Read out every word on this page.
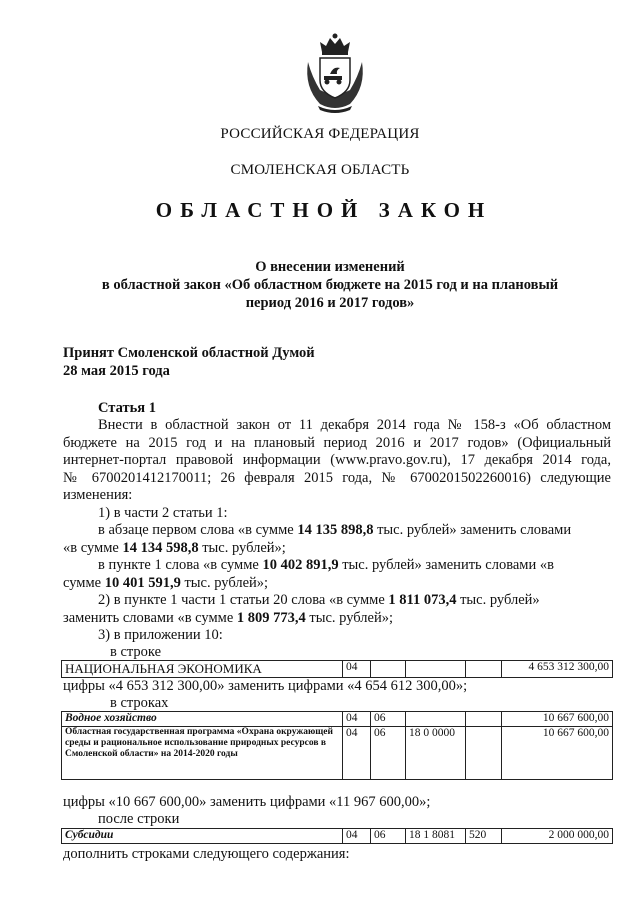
РОССИЙСКАЯ ФЕДЕРАЦИЯ
СМОЛЕНСКАЯ ОБЛАСТЬ
ОБЛАСТНОЙ ЗАКОН
О внесении изменений
в областной закон «Об областном бюджете на 2015 год и на плановый
период 2016 и 2017 годов»
Принят Смоленской областной Думой
28 мая 2015 года
Статья 1
Внести в областной закон от 11 декабря 2014 года № 158-з «Об областном
бюджете на 2015 год и на плановый период 2016 и 2017 годов» (Официальный
интернет-портал правовой информации (www.pravo.gov.ru), 17 декабря 2014 года,
№ 6700201412170011; 26 февраля 2015 года, № 6700201502260016) следующие
изменения:
1) в части 2 статьи 1:
в абзаце первом слова «в сумме 14 135 898,8 тыс. рублей» заменить словами
«в сумме 14 134 598,8 тыс. рублей»;
в пункте 1 слова «в сумме 10 402 891,9 тыс. рублей» заменить словами «в
сумме 10 401 591,9 тыс. рублей»;
2) в пункте 1 части 1 статьи 20 слова «в сумме 1 811 073,4 тыс. рублей»
заменить словами «в сумме 1 809 773,4 тыс. рублей»;
3) в приложении 10:
в строке
НАЦИОНАЛЬНАЯ ЭКОНОМИКА	04				4 653 312 300,00
цифры «4 653 312 300,00» заменить цифрами «4 654 612 300,00»;
в строках
Водное хозяйство	04	06			10 667 600,00
Областная государственная программа «Охрана окружающей среды и рациональное использование природных ресурсов в Смоленской области» на 2014-2020 годы	04	06	18 0 0000		10 667 600,00
цифры «10 667 600,00» заменить цифрами «11 967 600,00»;
после строки
Субсидии	04	06	18 1 8081	520	2 000 000,00
дополнить строками следующего содержания:
